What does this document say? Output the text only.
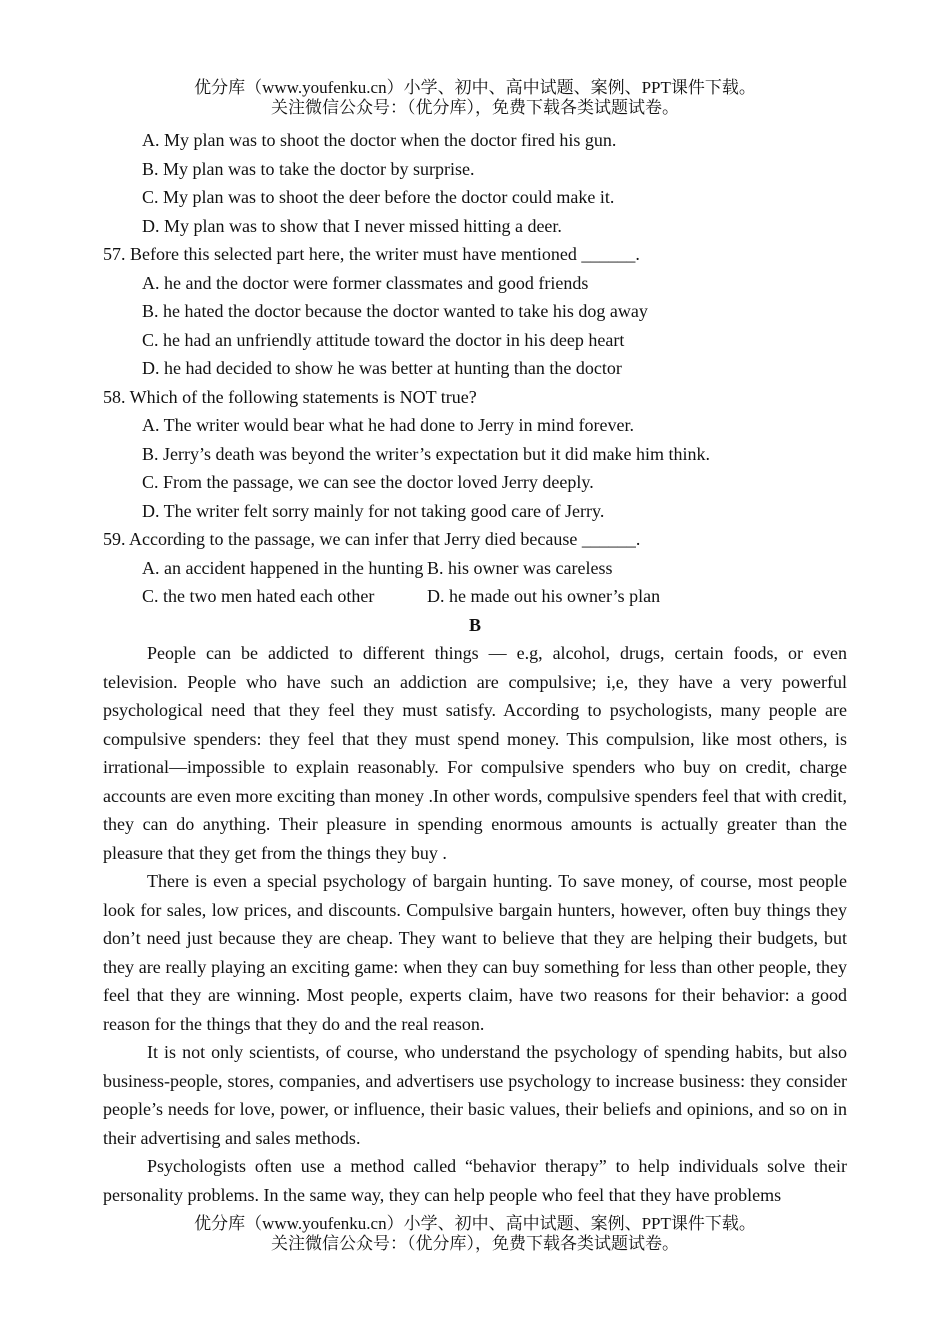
优分库（www.youfenku.cn）小学、初中、高中试题、案例、PPT课件下载。
关注微信公众号：（优分库），免费下载各类试题试卷。
A. My plan was to shoot the doctor when the doctor fired his gun.
B. My plan was to take the doctor by surprise.
C. My plan was to shoot the deer before the doctor could make it.
D. My plan was to show that I never missed hitting a deer.
57. Before this selected part here, the writer must have mentioned ______.
A. he and the doctor were former classmates and good friends
B. he hated the doctor because the doctor wanted to take his dog away
C. he had an unfriendly attitude toward the doctor in his deep heart
D. he had decided to show he was better at hunting than the doctor
58. Which of the following statements is NOT true?
A. The writer would bear what he had done to Jerry in mind forever.
B. Jerry’s death was beyond the writer’s expectation but it did make him think.
C. From the passage, we can see the doctor loved Jerry deeply.
D. The writer felt sorry mainly for not taking good care of Jerry.
59. According to the passage, we can infer that Jerry died because ______.
A. an accident happened in the hunting B. his owner was careless
C. the two men hated each other	D. he made out his owner’s plan
B

People can be addicted to different things — e.g, alcohol, drugs, certain foods, or even television. People who have such an addiction are compulsive; i,e, they have a very powerful psychological need that they feel they must satisfy. According to psychologists, many people are compulsive spenders: they feel that they must spend money. This compulsion, like most others, is irrational—impossible to explain reasonably. For compulsive spenders who buy on credit, charge accounts are even more exciting than money .In other words, compulsive spenders feel that with credit, they can do anything. Their pleasure in spending enormous amounts is actually greater than the pleasure that they get from the things they buy .

There is even a special psychology of bargain hunting. To save money, of course, most people look for sales, low prices, and discounts. Compulsive bargain hunters, however, often buy things they don’t need just because they are cheap. They want to believe that they are helping their budgets, but they are really playing an exciting game: when they can buy something for less than other people, they feel that they are winning. Most people, experts claim, have two reasons for their behavior: a good reason for the things that they do and the real reason.

It is not only scientists, of course, who understand the psychology of spending habits, but also business-people, stores, companies, and advertisers use psychology to increase business: they consider people’s needs for love, power, or influence, their basic values, their beliefs and opinions, and so on in their advertising and sales methods.

Psychologists often use a method called “behavior therapy” to help individuals solve their personality problems. In the same way, they can help people who feel that they have problems

优分库（www.youfenku.cn）小学、初中、高中试题、案例、PPT课件下载。
关注微信公众号：（优分库），免费下载各类试题试卷。
